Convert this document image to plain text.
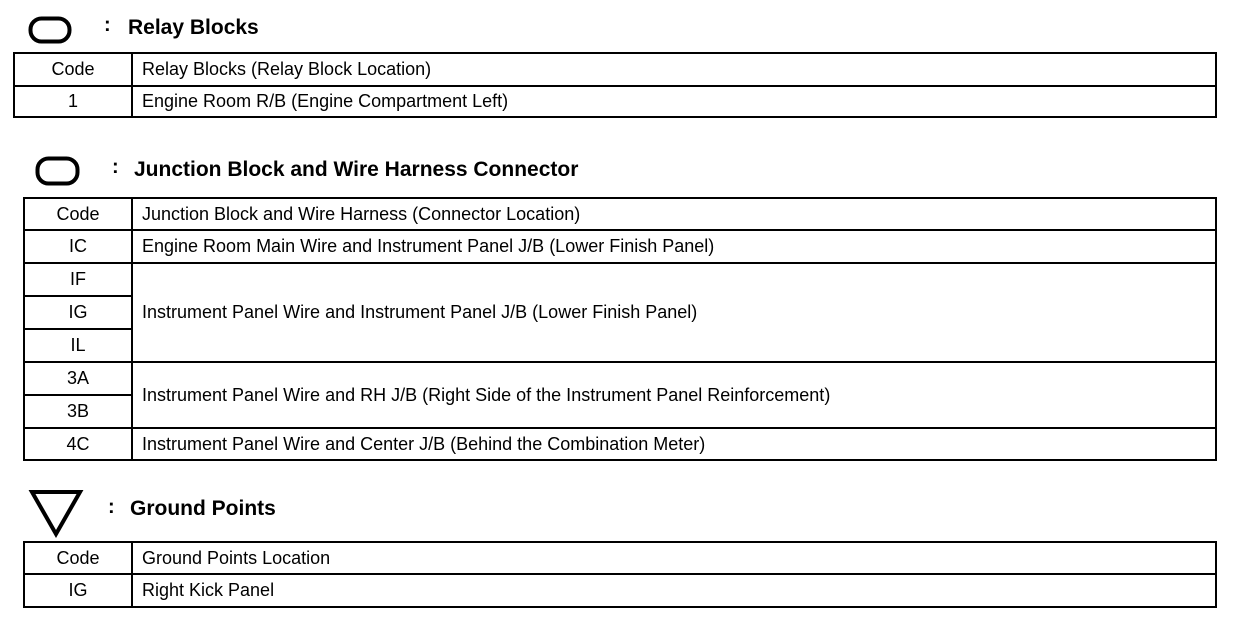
: Relay Blocks
Code	Relay Blocks (Relay Block Location)
1	Engine Room R/B (Engine Compartment Left)
: Junction Block and Wire Harness Connector
Code	Junction Block and Wire Harness (Connector Location)
IC	Engine Room Main Wire and Instrument Panel J/B (Lower Finish Panel)
IF	Instrument Panel Wire and Instrument Panel J/B (Lower Finish Panel)
IG	
IL	
3A	Instrument Panel Wire and RH J/B (Right Side of the Instrument Panel Reinforcement)
3B	
4C	Instrument Panel Wire and Center J/B (Behind the Combination Meter)
: Ground Points
Code	Ground Points Location
IG	Right Kick Panel
